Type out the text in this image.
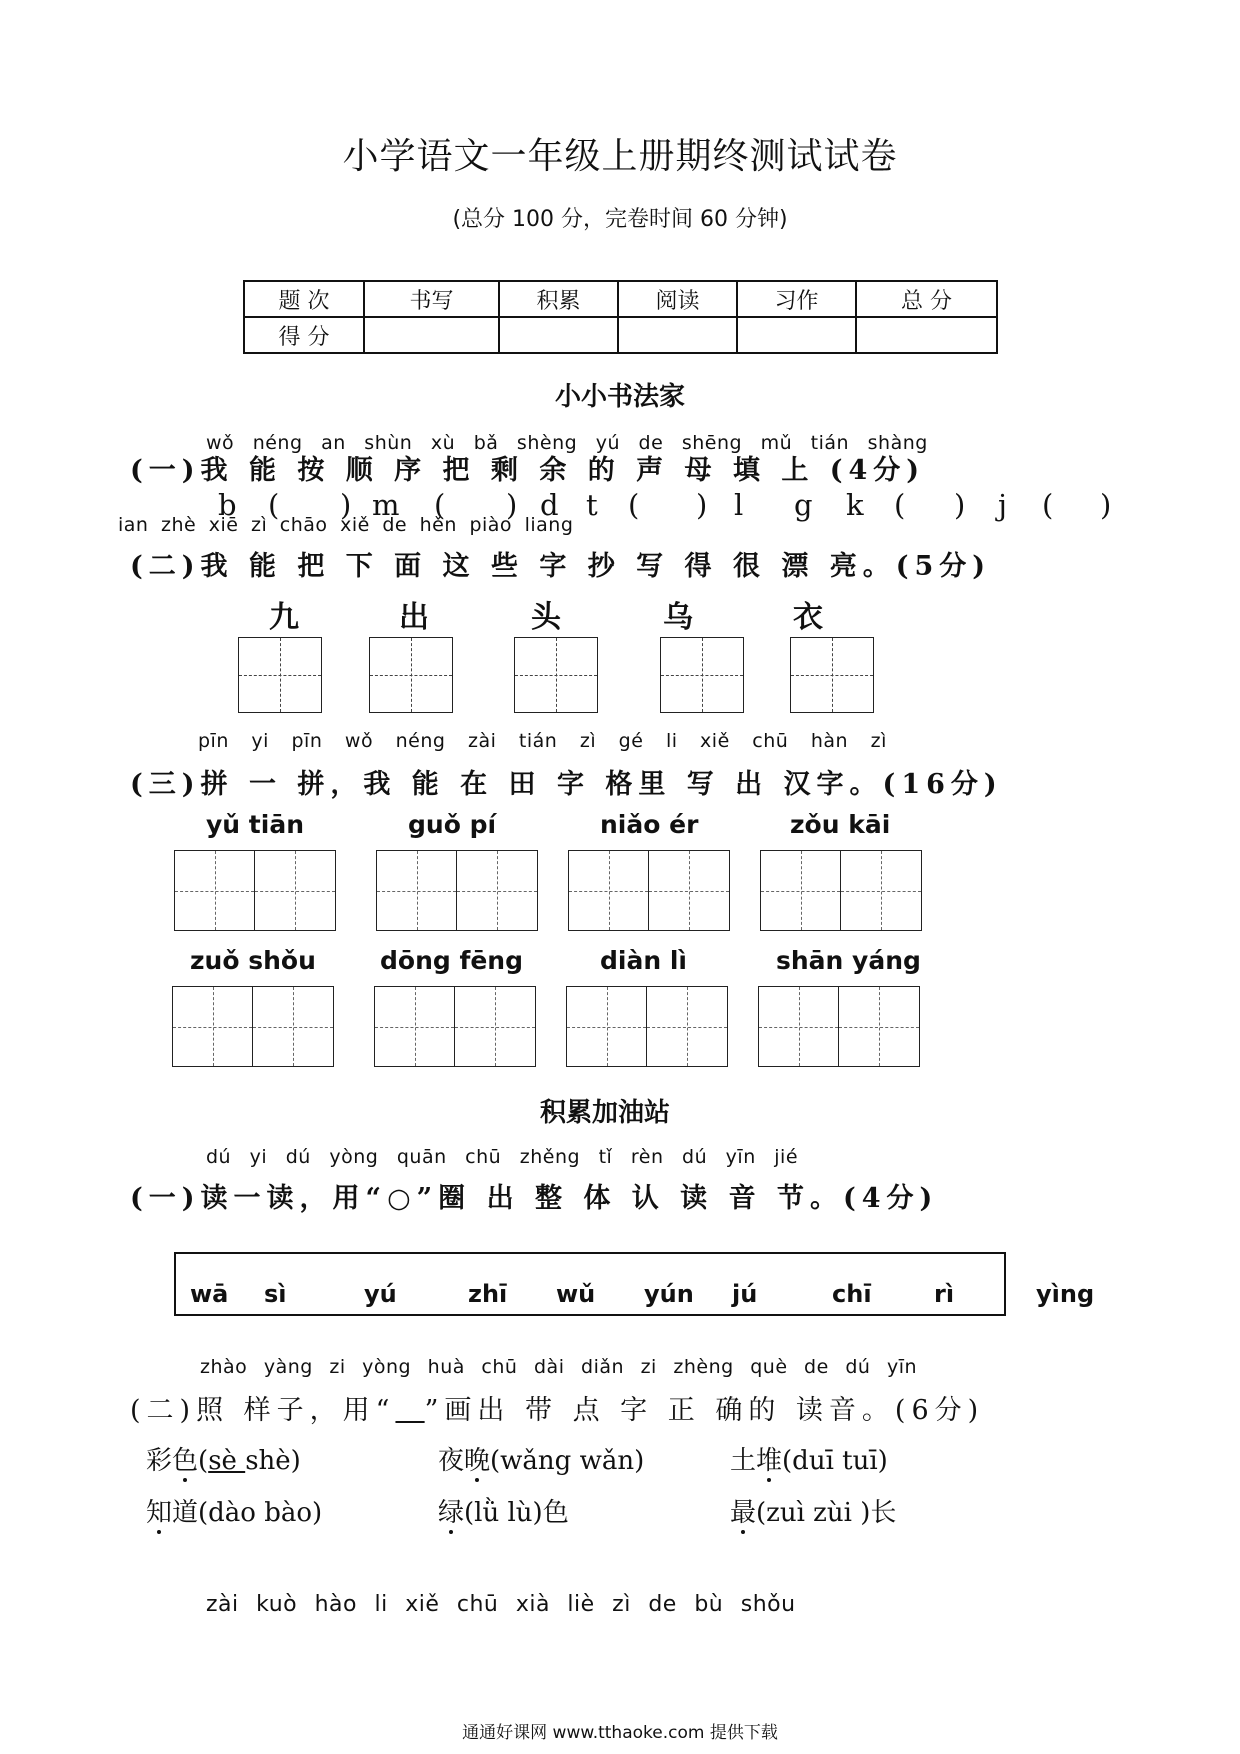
小学语文一年级上册期终测试试卷
(总分 100 分，完卷时间 60 分钟)
题 次	书写	积累	阅读	习作	总 分
得 分					
小小书法家
wǒ néng an shùn xù bǎ shèng yú de shēng mǔ tián shàng
(一)我 能 按 顺 序 把 剩 余 的 声 母 填 上 (4分)
b ( ) m ( ) d t ( ) l g k ( ) j ( )
ian zhè xiē zì chāo xiě de hěn piào liang
(二)我 能 把 下 面 这 些 字 抄 写 得 很 漂 亮。(5分)
九	出	头	乌	衣
pīn yi pīn wǒ néng zài tián zì gé li xiě chū hàn zì
(三)拼 一 拼，我 能 在 田 字 格里 写 出 汉字。(16分)
yǔ tiān	guǒ pí	niǎo ér	zǒu kāi
zuǒ shǒu	dōng fēng	diàn lì	shān yáng
积累加油站
dú yi dú yòng quān chū zhěng tǐ rèn dú yīn jié
(一)读一读，用“○”圈 出 整 体 认 读 音 节。(4分)
wā sì	yú	zhī wǔ yún jú	chī	rì	yìng
zhào yàng zi yòng huà chū dài diǎn zi zhèng què de dú yīn
(二)照 样子，用“ ”画出 带 点 字 正 确的 读音。(6分)
彩色(sè shè)	夜晚(wǎng wǎn)	土堆(duī tuī)
知道(dào bào)	绿(lǜ lù)色	最(zuì zùi )长
zài kuò hào li xiě chū xià liè zì de bù shǒu
通通好课网 www.tthaoke.com 提供下载
